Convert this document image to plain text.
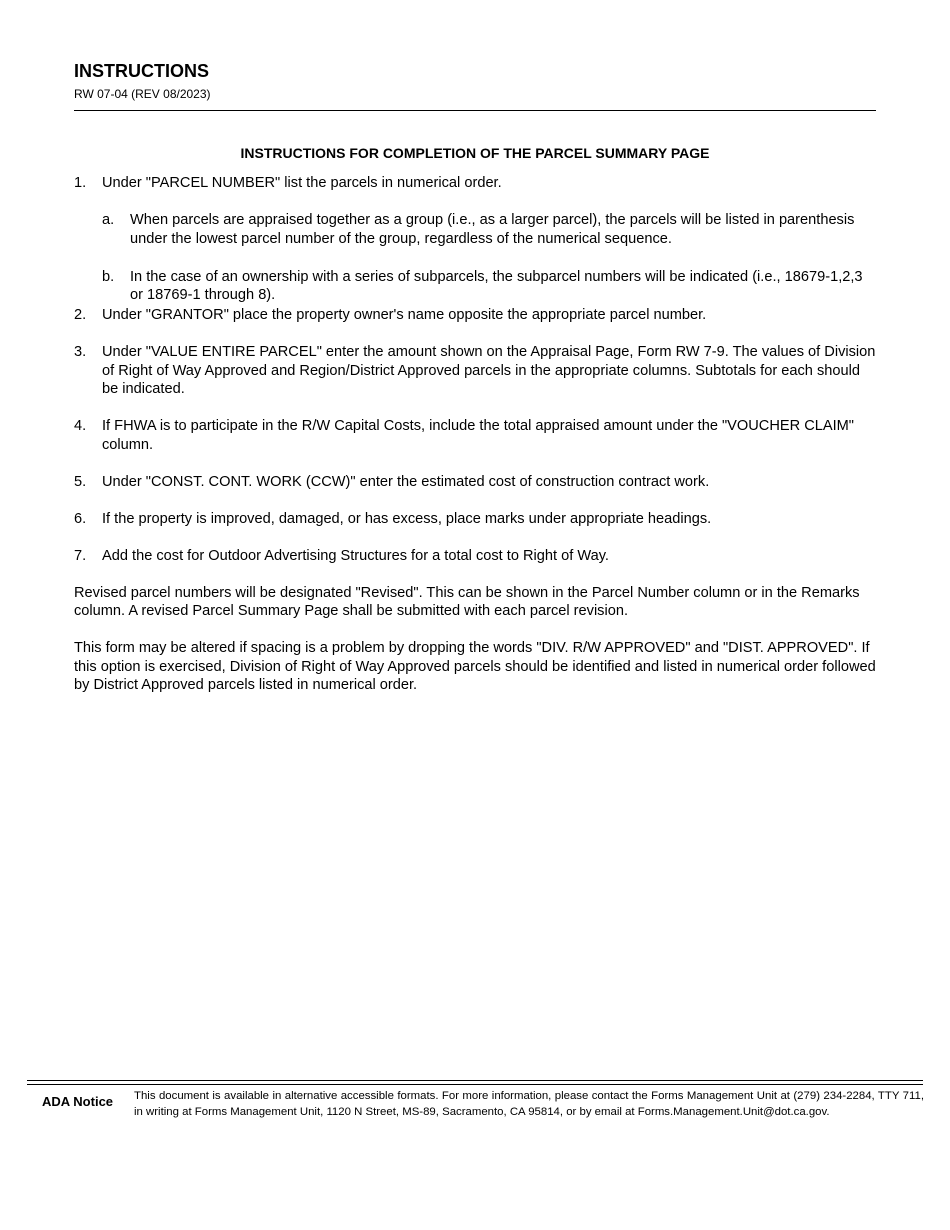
INSTRUCTIONS
RW 07-04 (REV 08/2023)
INSTRUCTIONS FOR COMPLETION OF THE PARCEL SUMMARY PAGE
1. Under "PARCEL NUMBER" list the parcels in numerical order.
a. When parcels are appraised together as a group (i.e., as a larger parcel), the parcels will be listed in parenthesis under the lowest parcel number of the group, regardless of the numerical sequence.
b. In the case of an ownership with a series of subparcels, the subparcel numbers will be indicated (i.e., 18679-1,2,3 or 18769-1 through 8).
2. Under "GRANTOR" place the property owner's name opposite the appropriate parcel number.
3. Under "VALUE ENTIRE PARCEL" enter the amount shown on the Appraisal Page, Form RW 7-9. The values of Division of Right of Way Approved and Region/District Approved parcels in the appropriate columns. Subtotals for each should be indicated.
4. If FHWA is to participate in the R/W Capital Costs, include the total appraised amount under the "VOUCHER CLAIM" column.
5. Under "CONST. CONT. WORK (CCW)" enter the estimated cost of construction contract work.
6. If the property is improved, damaged, or has excess, place marks under appropriate headings.
7. Add the cost for Outdoor Advertising Structures for a total cost to Right of Way.

Revised parcel numbers will be designated "Revised". This can be shown in the Parcel Number column or in the Remarks column. A revised Parcel Summary Page shall be submitted with each parcel revision.

This form may be altered if spacing is a problem by dropping the words "DIV. R/W APPROVED" and "DIST. APPROVED". If this option is exercised, Division of Right of Way Approved parcels should be identified and listed in numerical order followed by District Approved parcels listed in numerical order.

ADA Notice This document is available in alternative accessible formats. For more information, please contact the Forms Management Unit at (279) 234-2284, TTY 711, in writing at Forms Management Unit, 1120 N Street, MS-89, Sacramento, CA 95814, or by email at Forms.Management.Unit@dot.ca.gov.
